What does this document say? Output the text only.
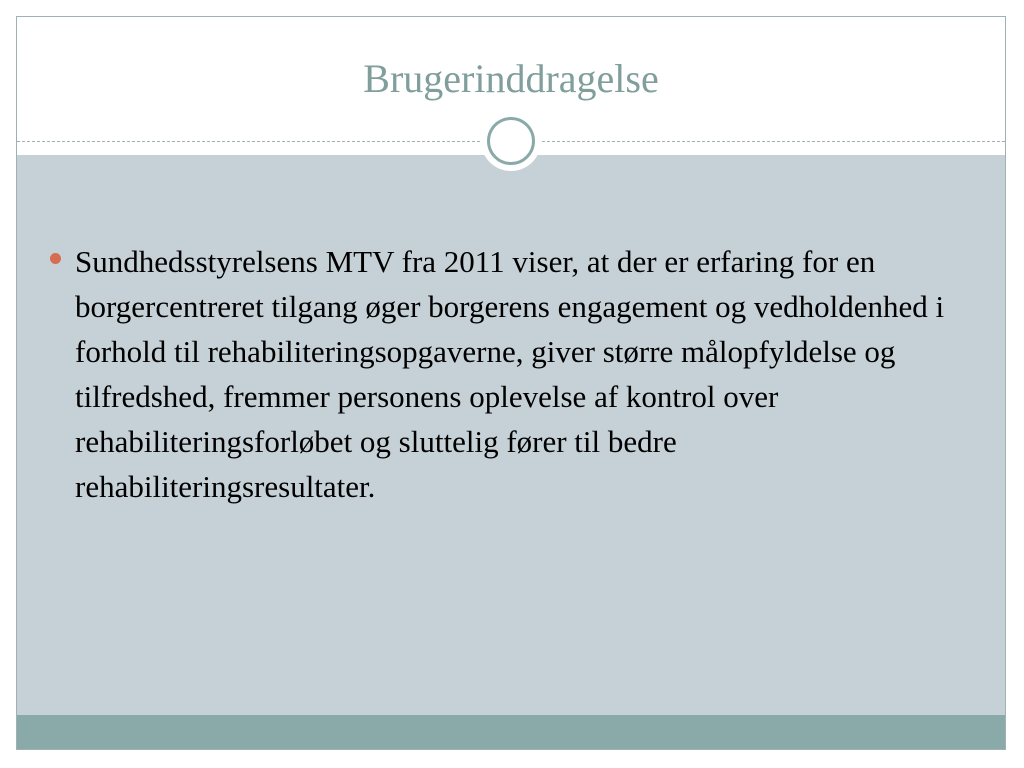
Brugerinddragelse
Sundhedsstyrelsens MTV fra 2011 viser, at der er erfaring for en borgercentreret tilgang øger borgerens engagement og vedholdenhed i forhold til rehabiliteringsopgaverne, giver større målopfyldelse og tilfredshed, fremmer personens oplevelse af kontrol over rehabiliteringsforløbet og sluttelig fører til bedre rehabiliteringsresultater.
